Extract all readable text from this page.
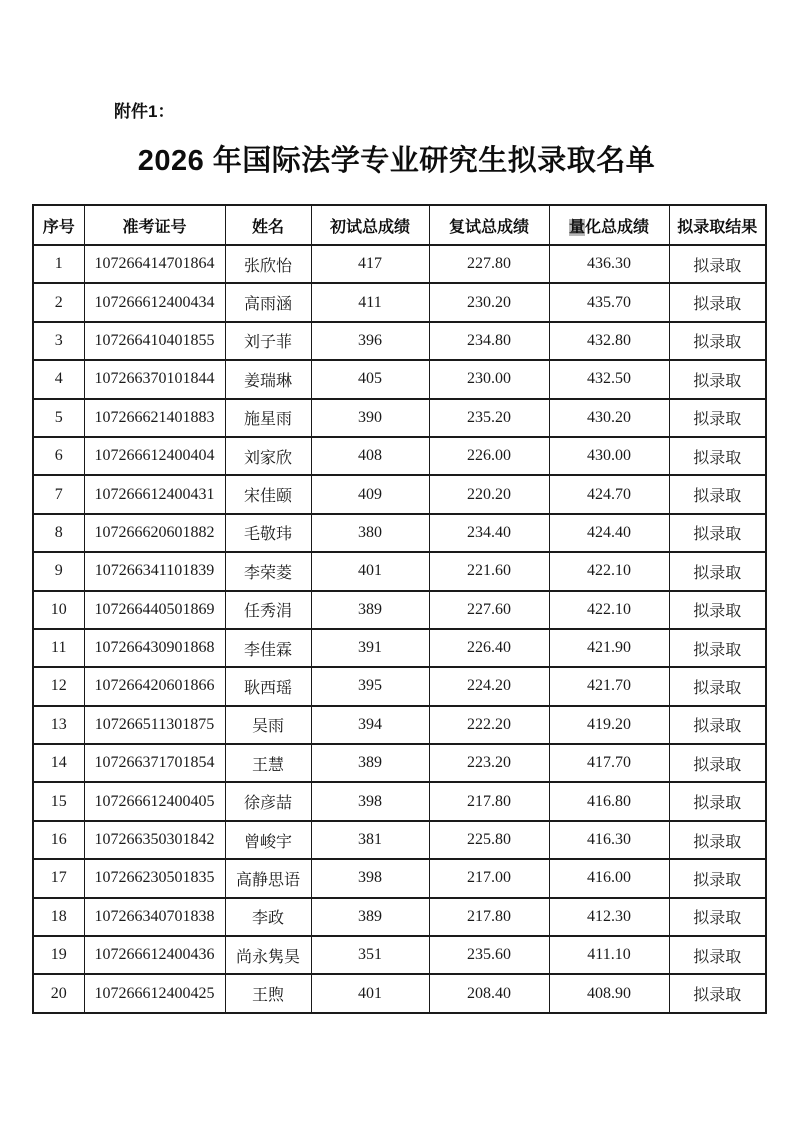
附件1：
2026 年国际法学专业研究生拟录取名单
序号	准考证号	姓名	初试总成绩	复试总成绩	量化总成绩	拟录取结果
1	107266414701864	张欣怡	417	227.80	436.30	拟录取
2	107266612400434	高雨涵	411	230.20	435.70	拟录取
3	107266410401855	刘子菲	396	234.80	432.80	拟录取
4	107266370101844	姜瑞琳	405	230.00	432.50	拟录取
5	107266621401883	施星雨	390	235.20	430.20	拟录取
6	107266612400404	刘家欣	408	226.00	430.00	拟录取
7	107266612400431	宋佳颐	409	220.20	424.70	拟录取
8	107266620601882	毛敬玮	380	234.40	424.40	拟录取
9	107266341101839	李荣菱	401	221.60	422.10	拟录取
10	107266440501869	任秀涓	389	227.60	422.10	拟录取
11	107266430901868	李佳霖	391	226.40	421.90	拟录取
12	107266420601866	耿西瑶	395	224.20	421.70	拟录取
13	107266511301875	吴雨	394	222.20	419.20	拟录取
14	107266371701854	王慧	389	223.20	417.70	拟录取
15	107266612400405	徐彦喆	398	217.80	416.80	拟录取
16	107266350301842	曾峻宇	381	225.80	416.30	拟录取
17	107266230501835	高静思语	398	217.00	416.00	拟录取
18	107266340701838	李政	389	217.80	412.30	拟录取
19	107266612400436	尚永隽昊	351	235.60	411.10	拟录取
20	107266612400425	王煦	401	208.40	408.90	拟录取
